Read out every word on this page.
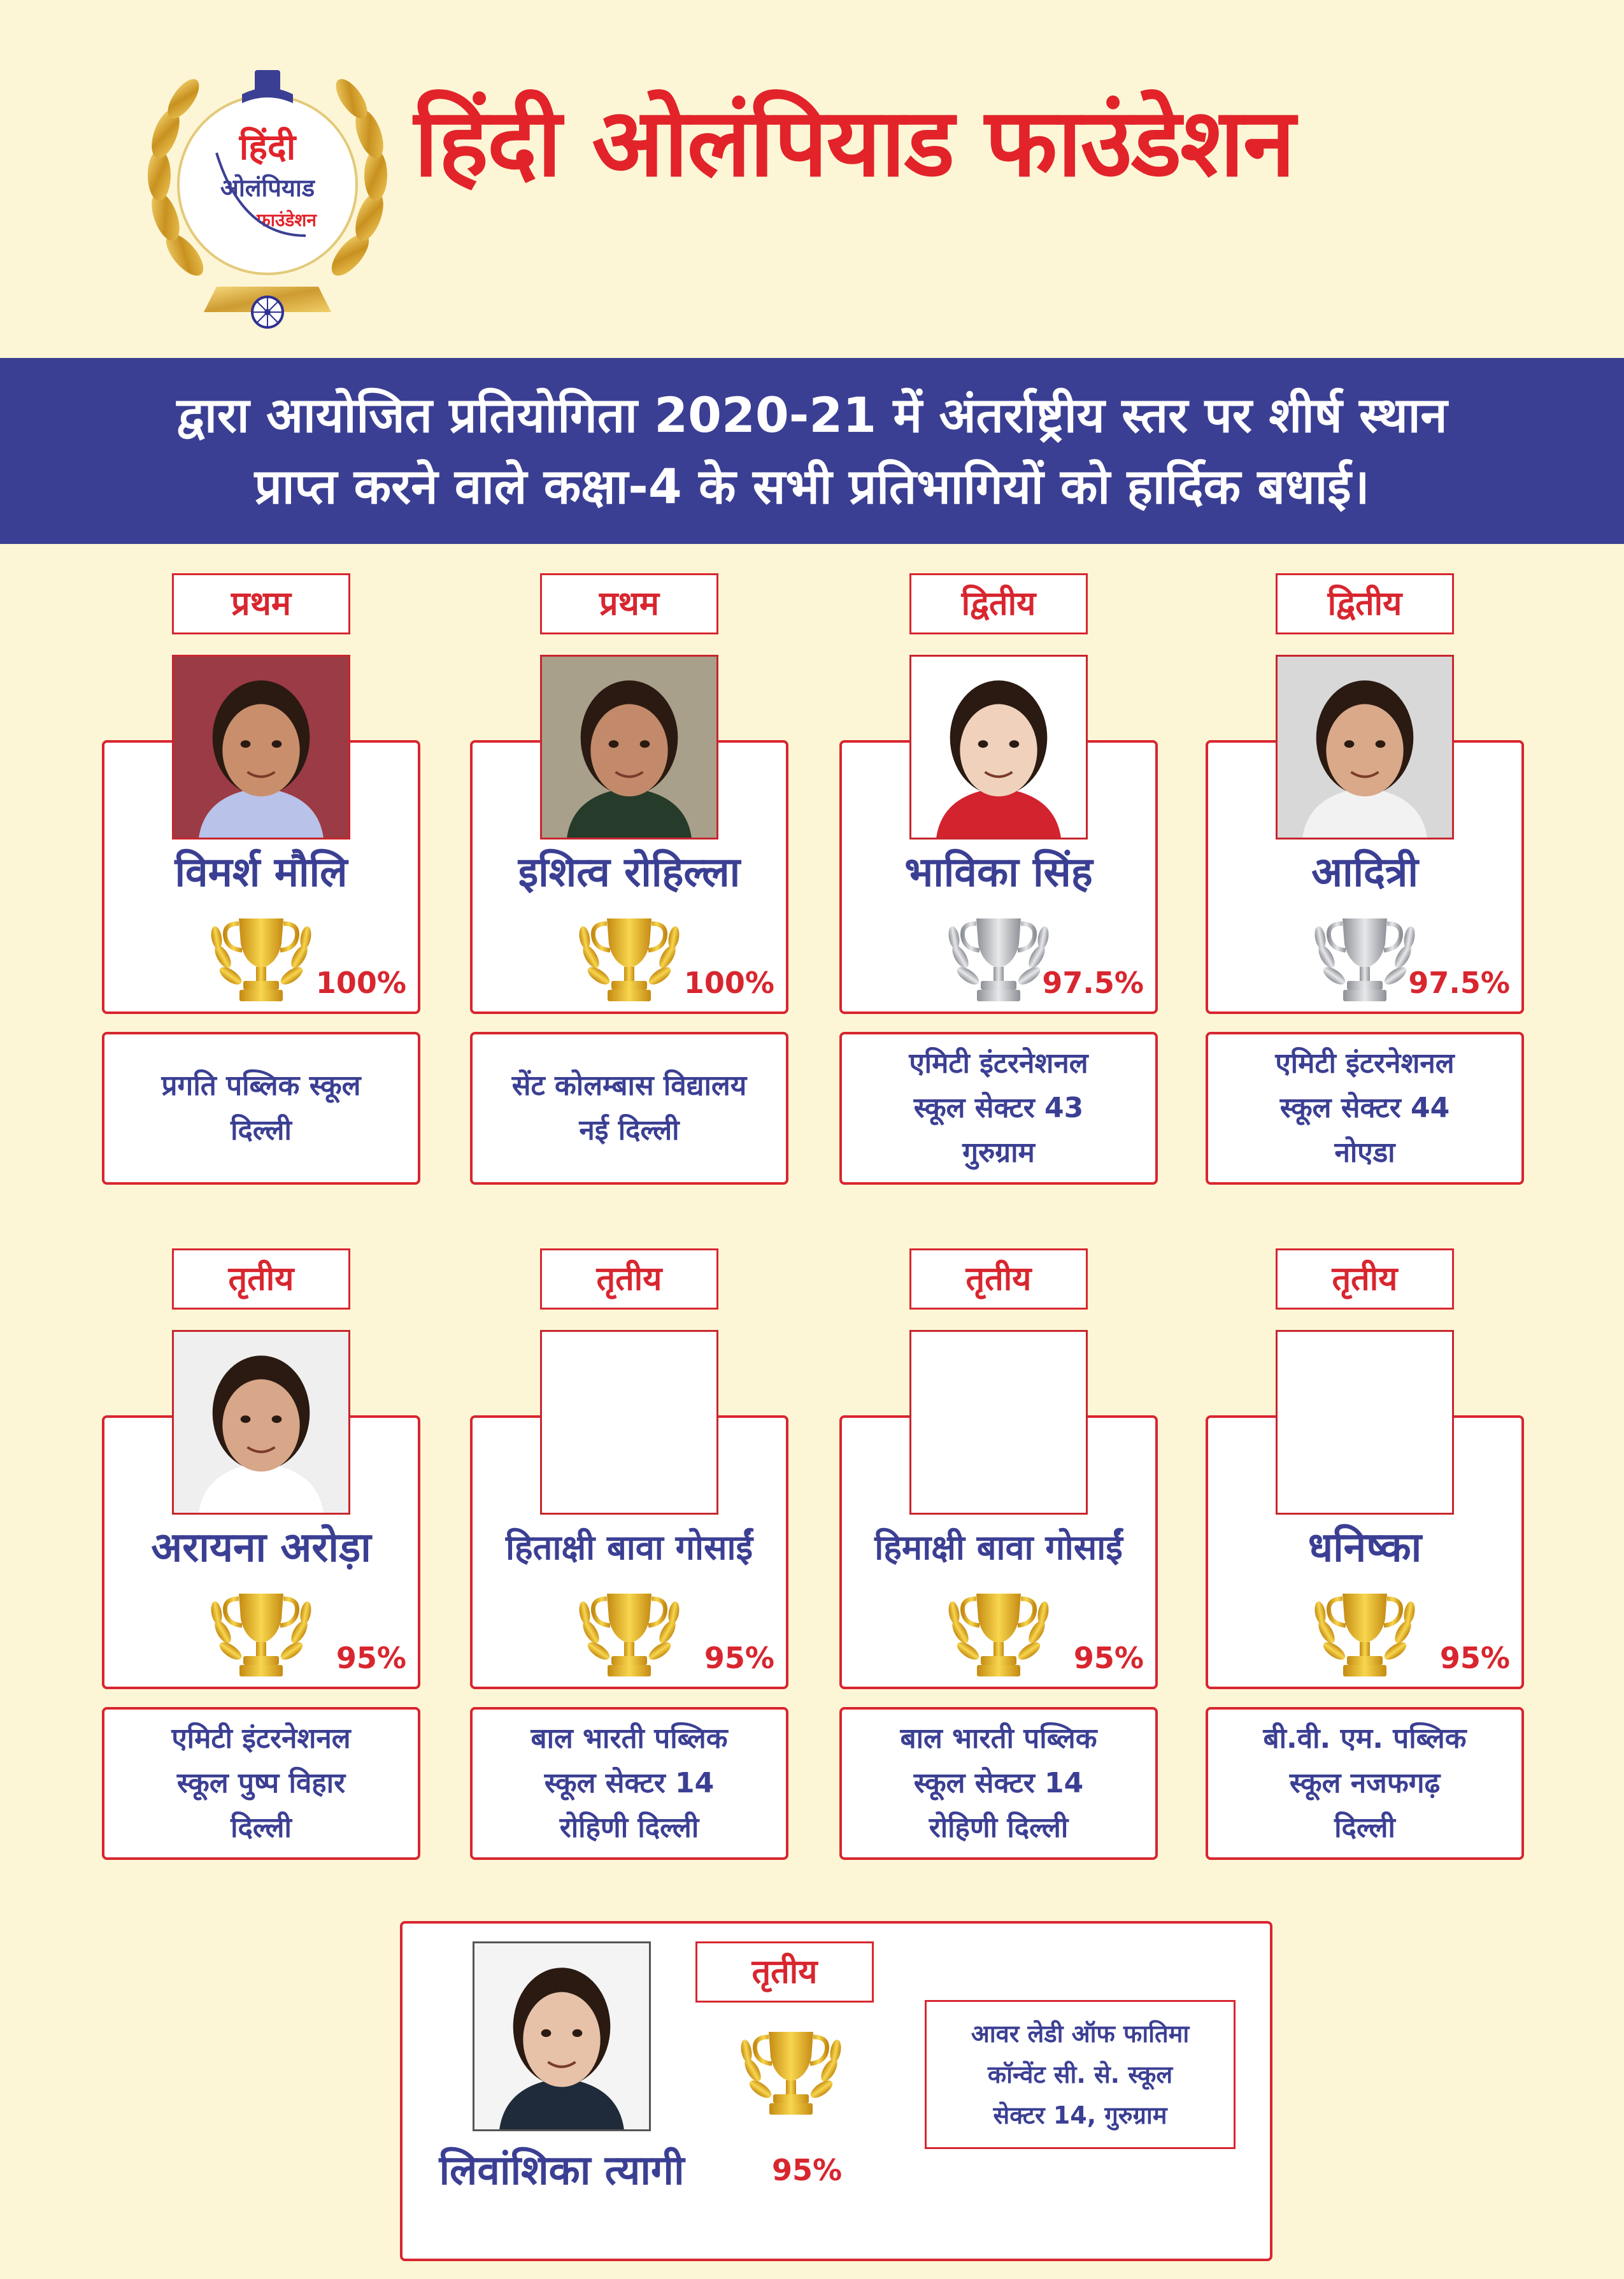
हिंदी
ओलंपियाड
फाउंडेशन
हिंदी ओलंपियाड फाउंडेशन
द्वारा आयोजित प्रतियोगिता 2020-21 में अंतर्राष्ट्रीय स्तर पर शीर्ष स्थान
प्राप्त करने वाले कक्षा-4 के सभी प्रतिभागियों को हार्दिक बधाई।
प्रथम
विमर्श मौलि
100%
प्रगति पब्लिक स्कूल
दिल्ली
प्रथम
इशित्व रोहिल्ला
100%
सेंट कोलम्बास विद्यालय
नई दिल्ली
द्वितीय
भाविका सिंह
97.5%
एमिटी इंटरनेशनल
स्कूल सेक्टर 43
गुरुग्राम
द्वितीय
आदित्री
97.5%
एमिटी इंटरनेशनल
स्कूल सेक्टर 44
नोएडा
तृतीय
अरायना अरोड़ा
95%
एमिटी इंटरनेशनल
स्कूल पुष्प विहार
दिल्ली
तृतीय
हिताक्षी बावा गोसाईं
95%
बाल भारती पब्लिक
स्कूल सेक्टर 14
रोहिणी दिल्ली
तृतीय
हिमाक्षी बावा गोसाईं
95%
बाल भारती पब्लिक
स्कूल सेक्टर 14
रोहिणी दिल्ली
तृतीय
धनिष्का
95%
बी.वी. एम. पब्लिक
स्कूल नजफगढ़
दिल्ली
लिवांशिका त्यागी
तृतीय
95%
आवर लेडी ऑफ फातिमा
कॉन्वेंट सी. से. स्कूल
सेक्टर 14, गुरुग्राम
